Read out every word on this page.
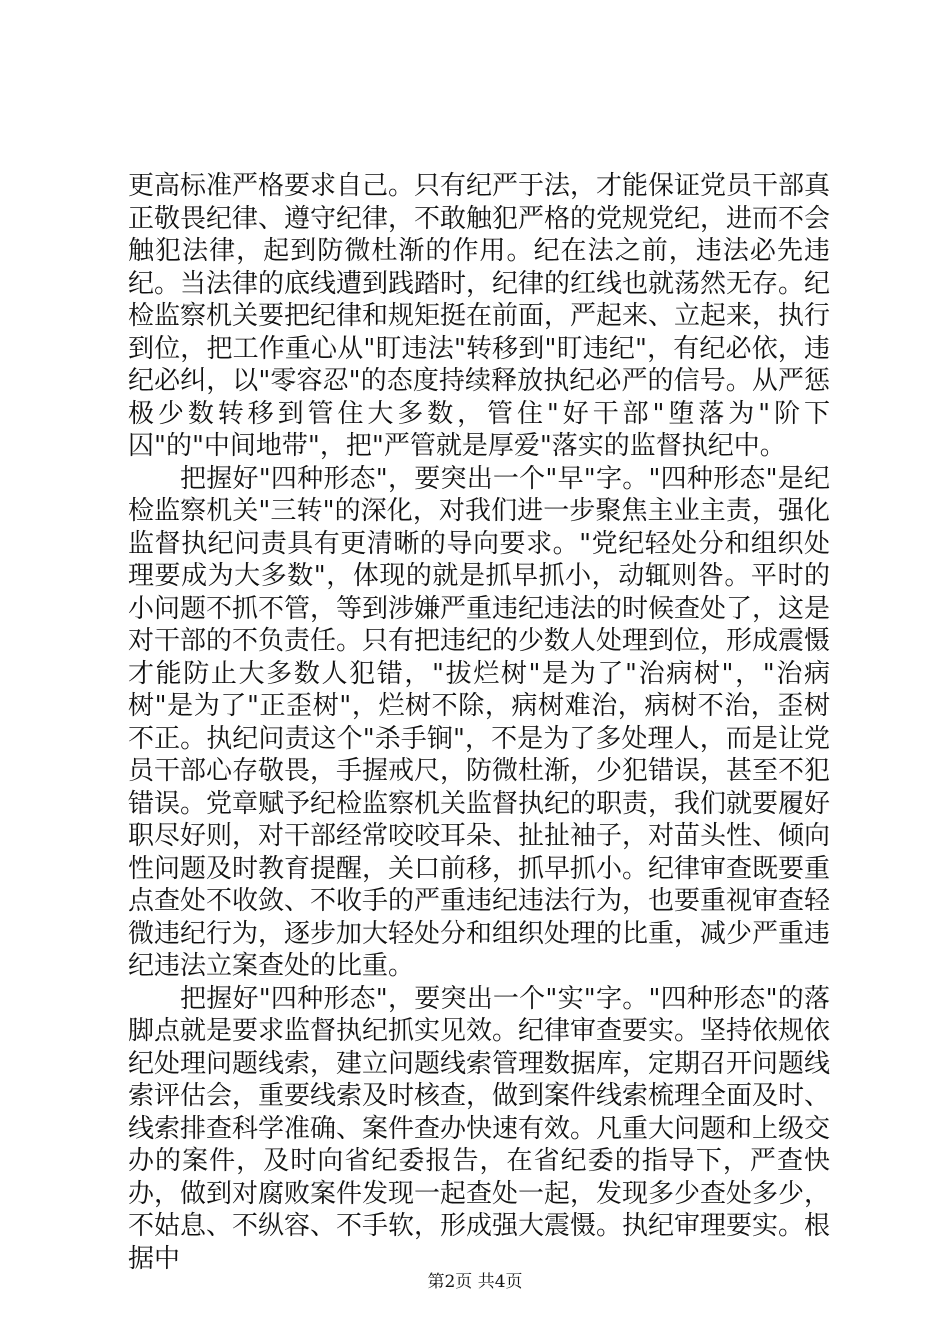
更高标准严格要求自己。只有纪严于法，才能保证党员干部真正敬畏纪律、遵守纪律，不敢触犯严格的党规党纪，进而不会触犯法律，起到防微杜渐的作用。纪在法之前，违法必先违纪。当法律的底线遭到践踏时，纪律的红线也就荡然无存。纪检监察机关要把纪律和规矩挺在前面，严起来、立起来，执行到位，把工作重心从"盯违法"转移到"盯违纪"，有纪必依，违纪必纠，以"零容忍"的态度持续释放执纪必严的信号。从严惩极少数转移到管住大多数，管住"好干部"堕落为"阶下囚"的"中间地带"，把"严管就是厚爱"落实的监督执纪中。

把握好"四种形态"，要突出一个"早"字。"四种形态"是纪检监察机关"三转"的深化，对我们进一步聚焦主业主责，强化监督执纪问责具有更清晰的导向要求。"党纪轻处分和组织处理要成为大多数"，体现的就是抓早抓小，动辄则咎。平时的小问题不抓不管，等到涉嫌严重违纪违法的时候查处了，这是对干部的不负责任。只有把违纪的少数人处理到位，形成震慑才能防止大多数人犯错，"拔烂树"是为了"治病树"，"治病树"是为了"正歪树"，烂树不除，病树难治，病树不治，歪树不正。执纪问责这个"杀手锏"，不是为了多处理人，而是让党员干部心存敬畏，手握戒尺，防微杜渐，少犯错误，甚至不犯错误。党章赋予纪检监察机关监督执纪的职责，我们就要履好职尽好则，对干部经常咬咬耳朵、扯扯袖子，对苗头性、倾向性问题及时教育提醒，关口前移，抓早抓小。纪律审查既要重点查处不收敛、不收手的严重违纪违法行为，也要重视审查轻微违纪行为，逐步加大轻处分和组织处理的比重，减少严重违纪违法立案查处的比重。

把握好"四种形态"，要突出一个"实"字。"四种形态"的落脚点就是要求监督执纪抓实见效。纪律审查要实。坚持依规依纪处理问题线索，建立问题线索管理数据库，定期召开问题线索评估会，重要线索及时核查，做到案件线索梳理全面及时、线索排查科学准确、案件查办快速有效。凡重大问题和上级交办的案件，及时向省纪委报告，在省纪委的指导下，严查快办，做到对腐败案件发现一起查处一起，发现多少查处多少，不姑息、不纵容、不手软，形成强大震慑。执纪审理要实。根据中

第2页 共4页
